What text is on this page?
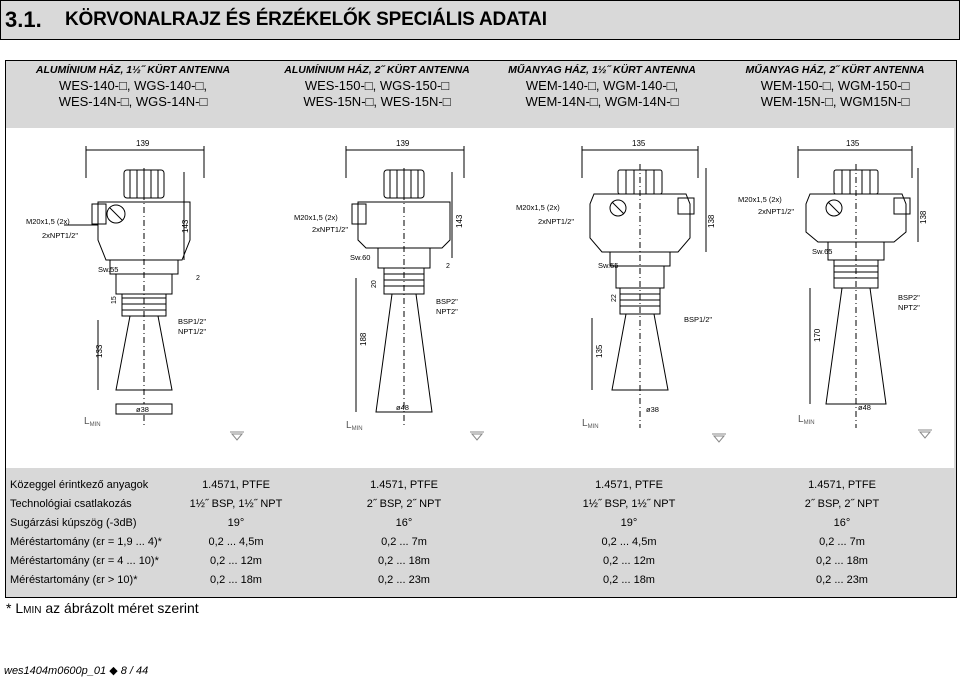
3.1. KÖRVONALRAJZ ÉS ÉRZÉKELŐK SPECIÁLIS ADATAI
ALUMÍNIUM HÁZ, 1½˝ KÜRT ANTENNA
WES-140-□, WGS-140-□,
WES-14N-□, WGS-14N-□
ALUMÍNIUM HÁZ, 2˝ KÜRT ANTENNA
WES-150-□, WGS-150-□
WES-15N-□, WES-15N-□
MŰANYAG HÁZ, 1½˝ KÜRT ANTENNA
WEM-140-□, WGM-140-□,
WEM-14N-□, WGM-14N-□
MŰANYAG HÁZ, 2˝ KÜRT ANTENNA
WEM-150-□, WGM-150-□
WEM-15N-□, WGM15N-□
139
143
M20x1,5 (2x)
2xNPT1/2"
Sw.55
2
15
BSP1/2"
NPT1/2"
133
ø38
$L_{MIN}$
139
143
M20x1,5 (2x)
2xNPT1/2"
Sw.60
2
20
BSP2"
NPT2"
188
ø48
$L_{MIN}$
135
138
M20x1,5 (2x)
2xNPT1/2"
Sw.55
22
BSP1/2"
135
ø38
$L_{MIN}$
135
138
M20x1,5 (2x)
2xNPT1/2"
Sw.65
BSP2"
NPT2"
170
ø48
$L_{MIN}$
Közeggel érintkező anyagok	1.4571, PTFE	1.4571, PTFE	1.4571, PTFE	1.4571, PTFE
Technológiai csatlakozás	1½˝ BSP, 1½˝ NPT	2˝ BSP, 2˝ NPT	1½˝ BSP, 1½˝ NPT	2˝ BSP, 2˝ NPT
Sugárzási kúpszög (-3dB)	19°	16°	19°	16°
Méréstartomány (εr = 1,9 ... 4)*	0,2 ... 4,5m	0,2 ... 7m	0,2 ... 4,5m	0,2 ... 7m
Méréstartomány (εr = 4 ... 10)*	0,2 ... 12m	0,2 ... 18m	0,2 ... 12m	0,2 ... 18m
Méréstartomány (εr > 10)*	0,2 ... 18m	0,2 ... 23m	0,2 ... 18m	0,2 ... 23m
* LMIN az ábrázolt méret szerint
wes1404m0600p_01 ◆ 8 / 44
